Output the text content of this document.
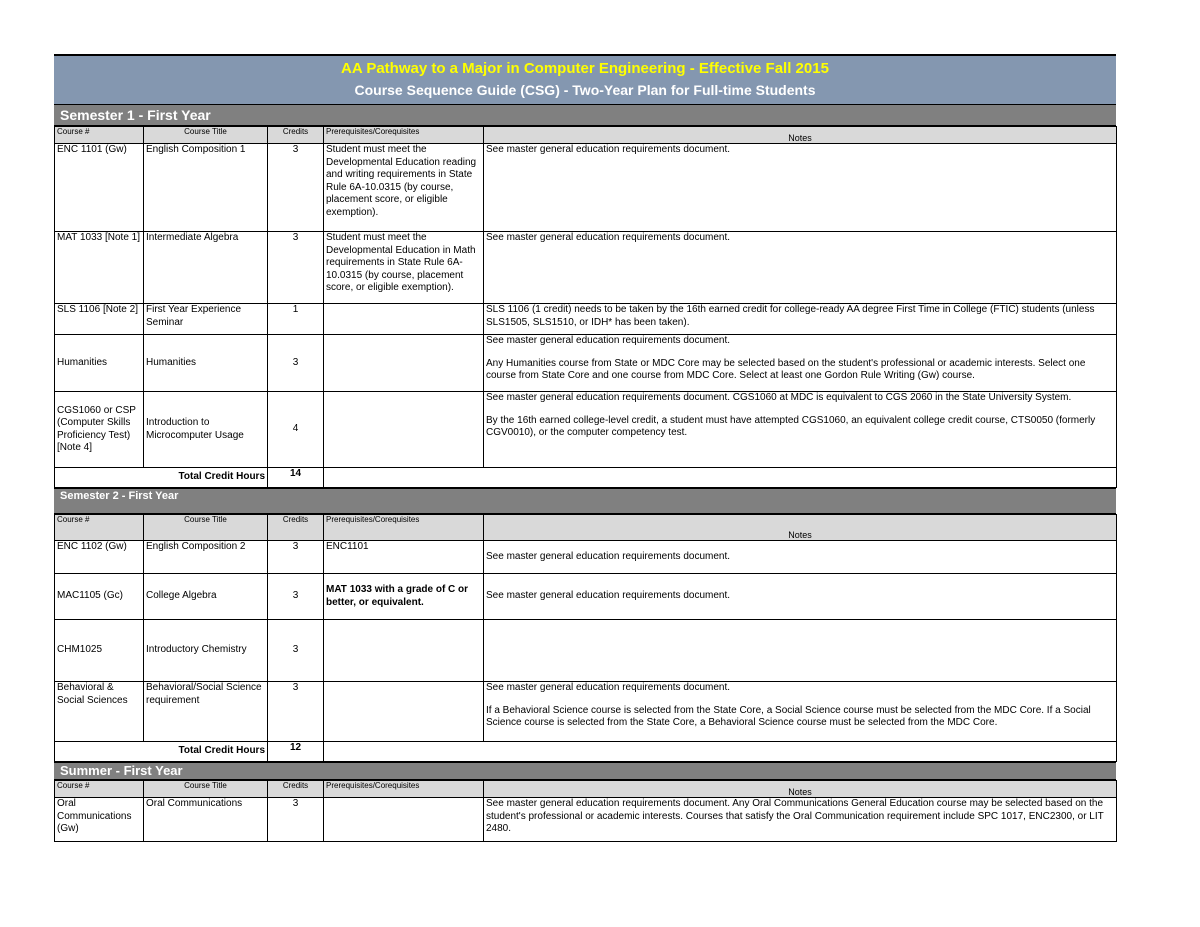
AA Pathway to a Major in Computer Engineering - Effective Fall 2015
Course Sequence Guide (CSG) - Two-Year Plan for Full-time Students
Semester 1 - First Year
Course #	Course Title	Credits	Prerequisites/Corequisites	Notes
ENC 1101 (Gw)	English Composition 1	3	Student must meet the Developmental Education reading and writing requirements in State Rule 6A-10.0315 (by course, placement score, or eligible exemption).	See master general education requirements document.

MAT 1033 [Note 1]	Intermediate Algebra	3	Student must meet the Developmental Education in Math requirements in State Rule 6A-10.0315 (by course, placement score, or eligible exemption).	See master general education requirements document.

SLS 1106 [Note 2]	First Year Experience Seminar	1		SLS 1106 (1 credit) needs to be taken by the 16th earned credit for college-ready AA degree First Time in College (FTIC) students (unless SLS1505, SLS1510, or IDH* has been taken).

Humanities	Humanities	3		See master general education requirements document.

Any Humanities course from State or MDC Core may be selected based on the student's professional or academic interests. Select one course from State Core and one course from MDC Core. Select at least one Gordon Rule Writing (Gw) course.

CGS1060 or CSP (Computer Skills Proficiency Test) [Note 4]	Introduction to Microcomputer Usage	4		See master general education requirements document. CGS1060 at MDC is equivalent to CGS 2060 in the State University System.

By the 16th earned college-level credit, a student must have attempted CGS1060, an equivalent college credit course, CTS0050 (formerly CGV0010), or the computer competency test.

	Total Credit Hours	14		
Semester 2 - First Year
Course #	Course Title	Credits	Prerequisites/Corequisites	Notes
ENC 1102 (Gw)	English Composition 2	3	ENC1101	See master general education requirements document.

MAC1105 (Gc)	College Algebra	3	MAT 1033 with a grade of C or better, or equivalent.	See master general education requirements document.

CHM1025	Introductory Chemistry	3		

Behavioral & Social Sciences	Behavioral/Social Science requirement	3		See master general education requirements document.

If a Behavioral Science course is selected from the State Core, a Social Science course must be selected from the MDC Core. If a Social Science course is selected from the State Core, a Behavioral Science course must be selected from the MDC Core.

	Total Credit Hours	12		
Summer - First Year
Course #	Course Title	Credits	Prerequisites/Corequisites	Notes
Oral Communications (Gw)	Oral Communications	3		See master general education requirements document. Any Oral Communications General Education course may be selected based on the student's professional or academic interests. Courses that satisfy the Oral Communication requirement include SPC 1017, ENC2300, or LIT 2480.
